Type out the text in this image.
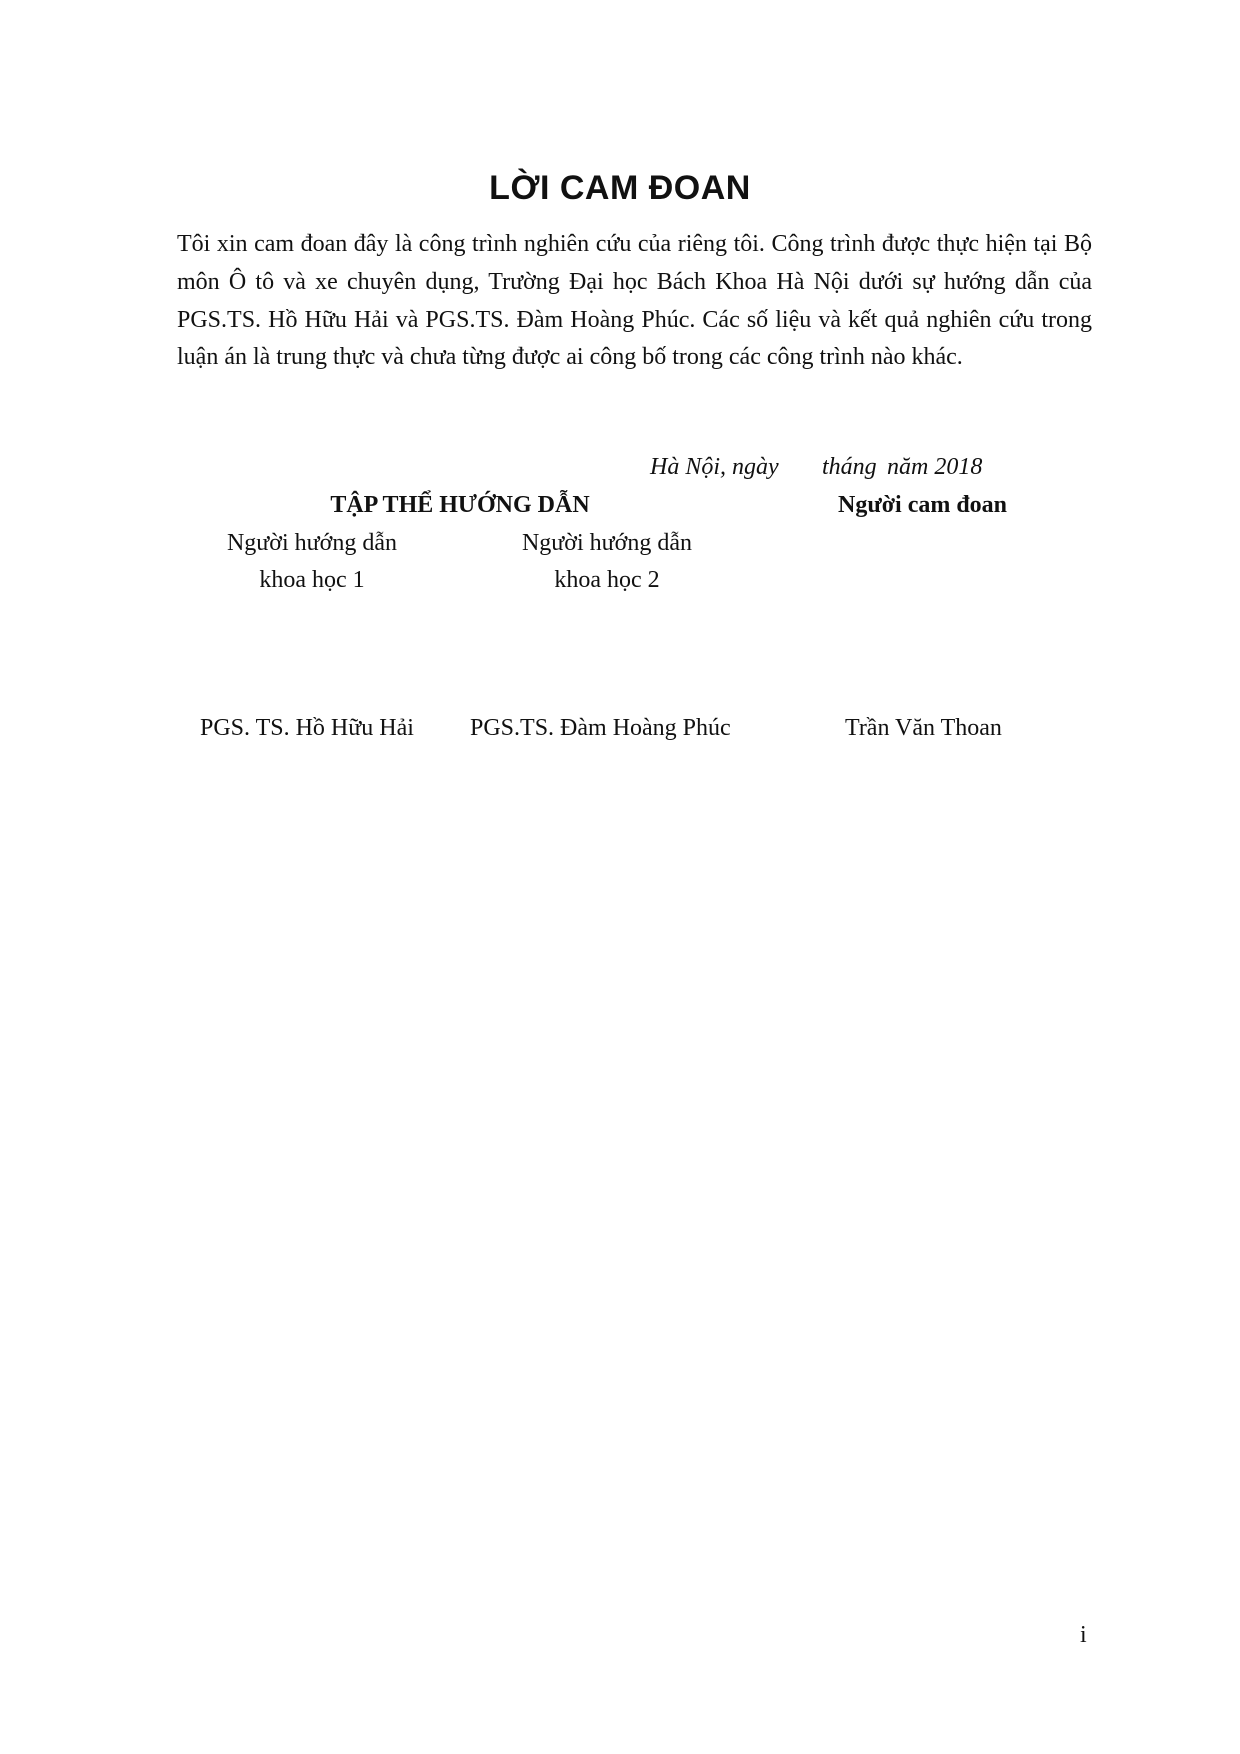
LỜI CAM ĐOAN
Tôi xin cam đoan đây là công trình nghiên cứu của riêng tôi. Công trình được thực hiện tại Bộ môn Ô tô và xe chuyên dụng, Trường Đại học Bách Khoa Hà Nội dưới sự hướng dẫn của PGS.TS. Hồ Hữu Hải và PGS.TS. Đàm Hoàng Phúc. Các số liệu và kết quả nghiên cứu trong luận án là trung thực và chưa từng được ai công bố trong các công trình nào khác.
Hà Nội, ngày tháng năm 2018
TẬP THỂ HƯỚNG DẪN	Người cam đoan
Người hướng dẫn
khoa học 1
Người hướng dẫn
khoa học 2
PGS. TS. Hồ Hữu Hải PGS.TS. Đàm Hoàng Phúc	Trần Văn Thoan
i
